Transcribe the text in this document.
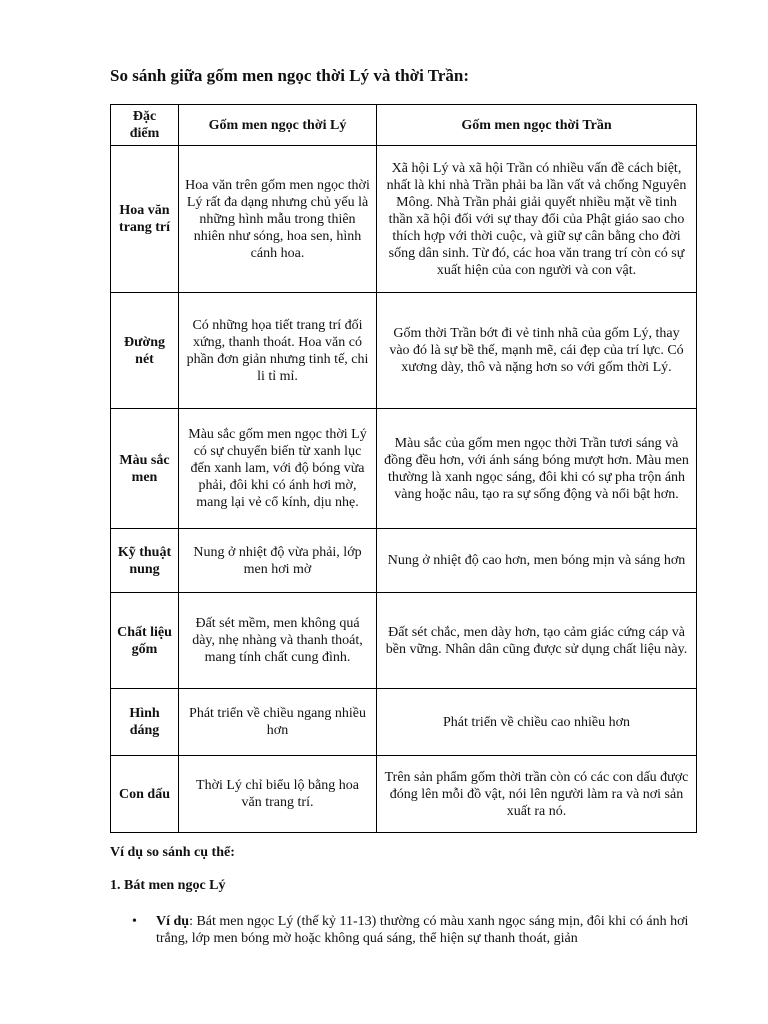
So sánh giữa gốm men ngọc thời Lý và thời Trần:
Đặc điểm	Gốm men ngọc thời Lý	Gốm men ngọc thời Trần
Hoa văn trang trí	Hoa văn trên gốm men ngọc thời Lý rất đa dạng nhưng chủ yếu là những hình mẫu trong thiên nhiên như sóng, hoa sen, hình cánh hoa.	Xã hội Lý và xã hội Trần có nhiều vấn đề cách biệt, nhất là khi nhà Trần phải ba lần vất vả chống Nguyên Mông. Nhà Trần phải giải quyết nhiều mặt về tinh thần xã hội đối với sự thay đổi của Phật giáo sao cho thích hợp với thời cuộc, và giữ sự cân bằng cho đời sống dân sinh. Từ đó, các hoa văn trang trí còn có sự xuất hiện của con người và con vật.
Đường nét	Có những họa tiết trang trí đối xứng, thanh thoát. Hoa văn có phần đơn giản nhưng tinh tế, chi li tỉ mỉ.	Gốm thời Trần bớt đi vẻ tinh nhã của gốm Lý, thay vào đó là sự bề thế, mạnh mẽ, cái đẹp của trí lực. Có xương dày, thô và nặng hơn so với gốm thời Lý.
Màu sắc men	Màu sắc gốm men ngọc thời Lý có sự chuyển biến từ xanh lục đến xanh lam, với độ bóng vừa phải, đôi khi có ánh hơi mờ, mang lại vẻ cổ kính, dịu nhẹ.	Màu sắc của gốm men ngọc thời Trần tươi sáng và đồng đều hơn, với ánh sáng bóng mượt hơn. Màu men thường là xanh ngọc sáng, đôi khi có sự pha trộn ánh vàng hoặc nâu, tạo ra sự sống động và nổi bật hơn.
Kỹ thuật nung	Nung ở nhiệt độ vừa phải, lớp men hơi mờ	Nung ở nhiệt độ cao hơn, men bóng mịn và sáng hơn
Chất liệu gốm	Đất sét mềm, men không quá dày, nhẹ nhàng và thanh thoát, mang tính chất cung đình.	Đất sét chắc, men dày hơn, tạo cảm giác cứng cáp và bền vững. Nhân dân cũng được sử dụng chất liệu này.
Hình dáng	Phát triển về chiều ngang nhiều hơn	Phát triển về chiều cao nhiều hơn
Con dấu	Thời Lý chỉ biểu lộ bằng hoa văn trang trí.	Trên sản phẩm gốm thời trần còn có các con dấu được đóng lên mỗi đồ vật, nói lên người làm ra và nơi sản xuất ra nó.
Ví dụ so sánh cụ thể:
1. Bát men ngọc Lý
• Ví dụ: Bát men ngọc Lý (thế kỷ 11-13) thường có màu xanh ngọc sáng mịn, đôi khi có ánh hơi trắng, lớp men bóng mờ hoặc không quá sáng, thể hiện sự thanh thoát, giản
